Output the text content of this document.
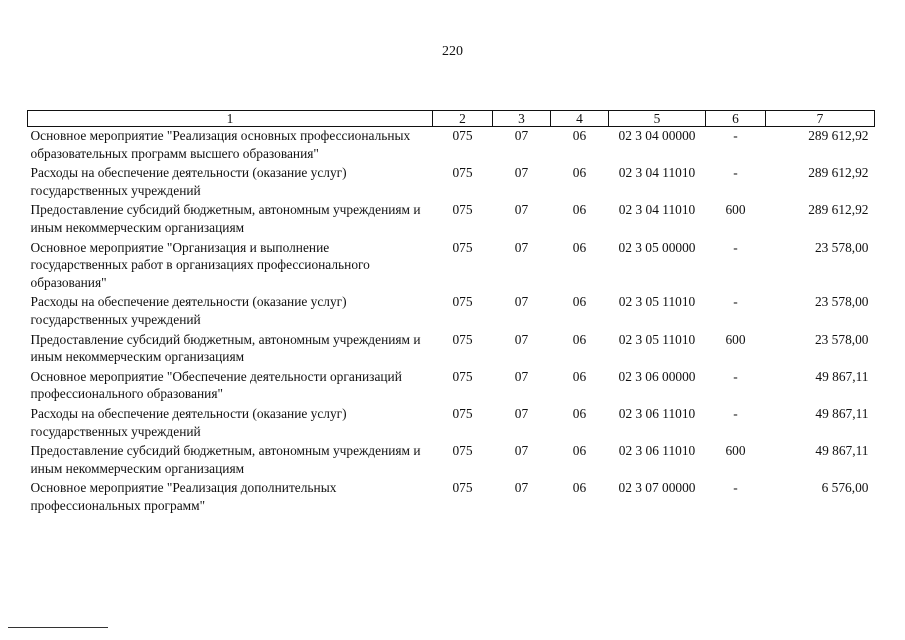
220
1	2	3	4	5	6	7
Основное мероприятие "Реализация основных профессиональных образовательных программ высшего образования"	075	07	06	02 3 04 00000	-	289 612,92
Расходы на обеспечение деятельности (оказание услуг) государственных учреждений	075	07	06	02 3 04 11010	-	289 612,92
Предоставление субсидий бюджетным, автономным учреждениям и иным некоммерческим организациям	075	07	06	02 3 04 11010	600	289 612,92
Основное мероприятие "Организация и выполнение государственных работ в организациях профессионального образования"	075	07	06	02 3 05 00000	-	23 578,00
Расходы на обеспечение деятельности (оказание услуг) государственных учреждений	075	07	06	02 3 05 11010	-	23 578,00
Предоставление субсидий бюджетным, автономным учреждениям и иным некоммерческим организациям	075	07	06	02 3 05 11010	600	23 578,00
Основное мероприятие "Обеспечение деятельности организаций профессионального образования"	075	07	06	02 3 06 00000	-	49 867,11
Расходы на обеспечение деятельности (оказание услуг) государственных учреждений	075	07	06	02 3 06 11010	-	49 867,11
Предоставление субсидий бюджетным, автономным учреждениям и иным некоммерческим организациям	075	07	06	02 3 06 11010	600	49 867,11
Основное мероприятие "Реализация дополнительных профессиональных программ"	075	07	06	02 3 07 00000	-	6 576,00
